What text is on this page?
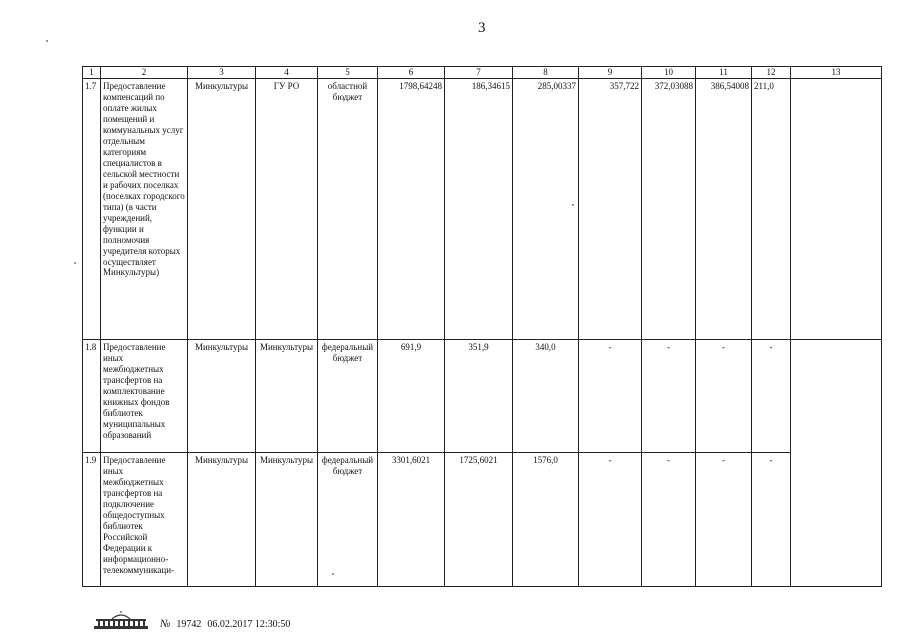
3
1	2	3	4	5	6	7	8	9	10	11	12	13
1.7	Предоставление компенсаций по оплате жилых помещений и коммунальных услуг отдельным категориям специалистов в сельской местности и рабочих поселках (поселках городского типа) (в части учреждений, функции и полномочия учредителя которых осуществляет Минкультуры)	Минкультуры	ГУ РО	областной бюджет	1798,64248	186,34615	285,00337	357,722	372,03088	386,54008	211,0	
1.8	Предоставление иных межбюджетных трансфертов на комплектование книжных фондов библиотек муниципальных образований	Минкультуры	Минкультуры	федеральный бюджет	691,9	351,9	340,0	-	-	-	-	
1.9	Предоставление иных межбюджетных трансфертов на подключение общедоступных библиотек Российской Федерации к информационно-телекоммуникаци-	Минкультуры	Минкультуры	федеральный бюджет	3301,6021	1725,6021	1576,0	-	-	-	-	
№ 19742 06.02.2017 12:30:50
